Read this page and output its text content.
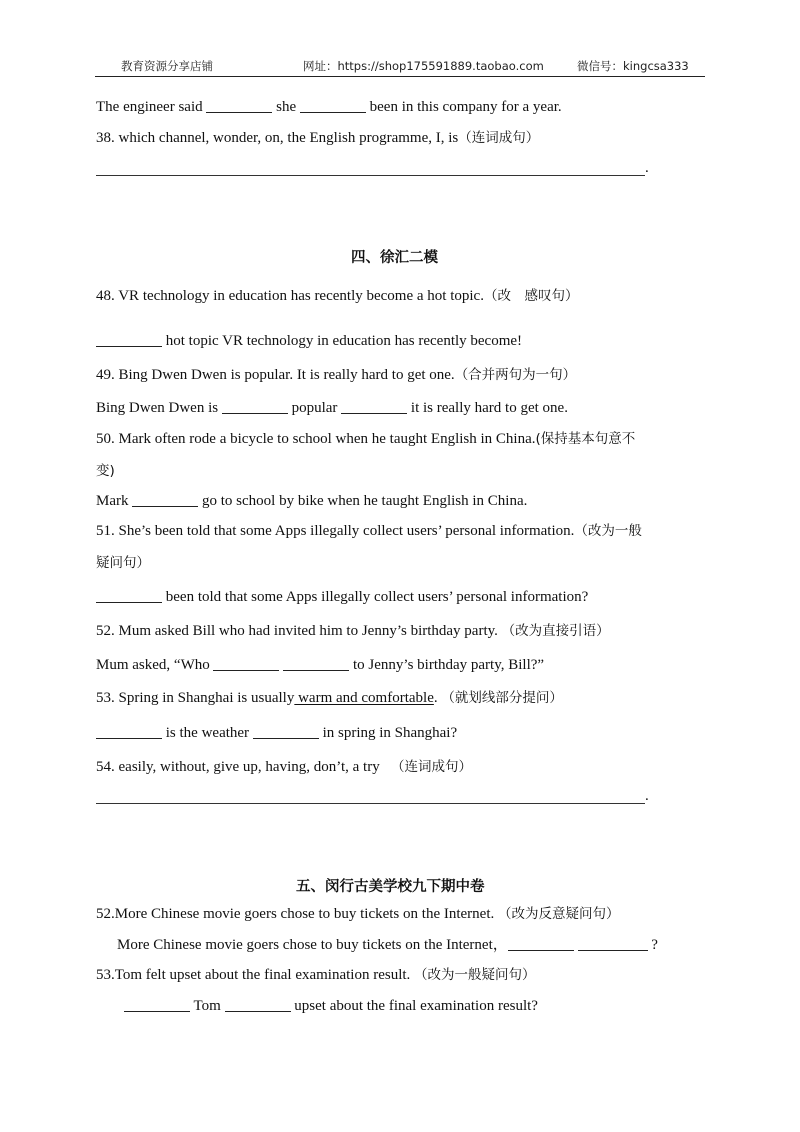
教育资源分享店铺	网址：https://shop175591889.taobao.com	微信号：kingcsa333
The engineer said	she	been in this company for a year.
38. which channel, wonder, on, the English programme, I, is（连词成句）
.
四、徐汇二模
48. VR technology in education has recently become a hot topic.（改　感叹句）
hot topic VR technology in education has recently become!
49. Bing Dwen Dwen is popular. It is really hard to get one.（合并两句为一句）
Bing Dwen Dwen is	popular	it is really hard to get one.
50. Mark often rode a bicycle to school when he taught English in China.(保持基本句意不
变)
Mark	go to school by bike when he taught English in China.
51. She’s been told that some Apps illegally collect users’ personal information.（改为一般
疑问句）
been told that some Apps illegally collect users’ personal information?
52. Mum asked Bill who had invited him to Jenny’s birthday party. （改为直接引语）
Mum asked, “Who	to Jenny’s birthday party, Bill?”
53. Spring in Shanghai is usually warm and comfortable. （就划线部分提问）
is the weather	in spring in Shanghai?
54. easily, without, give up, having, don’t, a try （连词成句）
.
五、闵行古美学校九下期中卷
52.More Chinese movie goers chose to buy tickets on the Internet. （改为反意疑问句）
More Chinese movie goers chose to buy tickets on the Internet，	?
53.Tom felt upset about the final examination result. （改为一般疑问句）
Tom	upset about the final examination result?
